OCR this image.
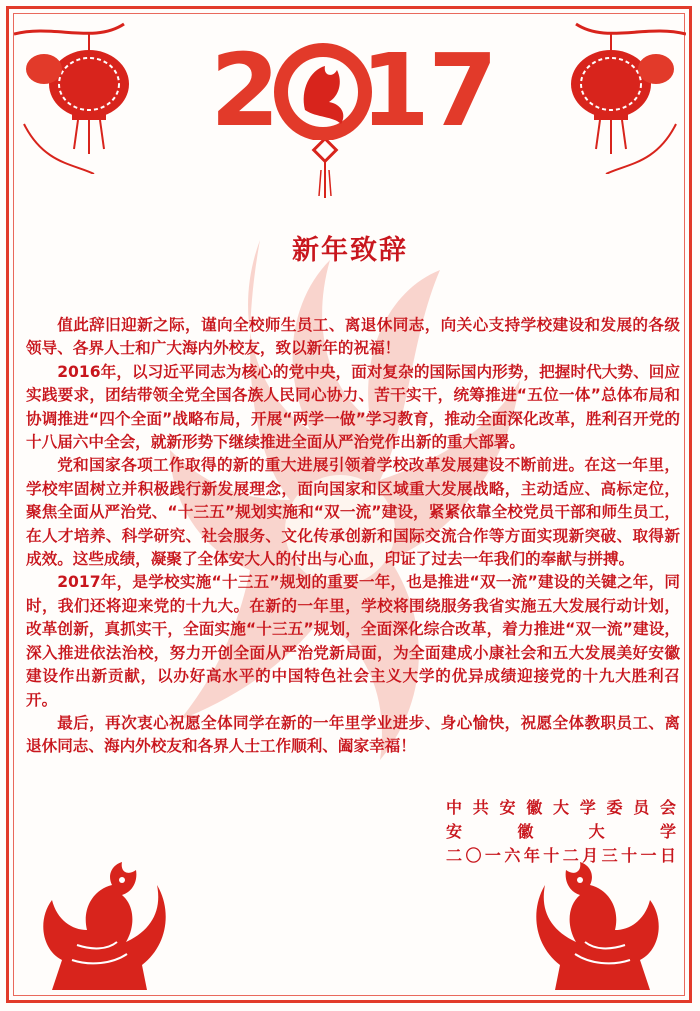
2 1
7
新年致辞

值此辞旧迎新之际，谨向全校师生员工、离退休同志，向关心支持学校建设和发展的各级领导、各界人士和广大海内外校友，致以新年的祝福！

2016年，以习近平同志为核心的党中央，面对复杂的国际国内形势，把握时代大势、回应实践要求，团结带领全党全国各族人民同心协力、苦干实干，统筹推进“五位一体”总体布局和协调推进“四个全面”战略布局，开展“两学一做”学习教育，推动全面深化改革，胜利召开党的十八届六中全会，就新形势下继续推进全面从严治党作出新的重大部署。

党和国家各项工作取得的新的重大进展引领着学校改革发展建设不断前进。在这一年里，学校牢固树立并积极践行新发展理念，面向国家和区域重大发展战略，主动适应、高标定位，聚焦全面从严治党、“十三五”规划实施和“双一流”建设，紧紧依靠全校党员干部和师生员工，在人才培养、科学研究、社会服务、文化传承创新和国际交流合作等方面实现新突破、取得新成效。这些成绩，凝聚了全体安大人的付出与心血，印证了过去一年我们的奉献与拼搏。

2017年，是学校实施“十三五”规划的重要一年，也是推进“双一流”建设的关键之年，同时，我们还将迎来党的十九大。在新的一年里，学校将围绕服务我省实施五大发展行动计划，改革创新，真抓实干，全面实施“十三五”规划，全面深化综合改革，着力推进“双一流”建设，深入推进依法治校，努力开创全面从严治党新局面，为全面建成小康社会和五大发展美好安徽建设作出新贡献，以办好高水平的中国特色社会主义大学的优异成绩迎接党的十九大胜利召开。

最后，再次衷心祝愿全体同学在新的一年里学业进步、身心愉快，祝愿全体教职员工、离退休同志、海内外校友和各界人士工作顺利、阖家幸福！

中共安徽大学委员会
安徽大学
二〇一六年十二月三十一日
